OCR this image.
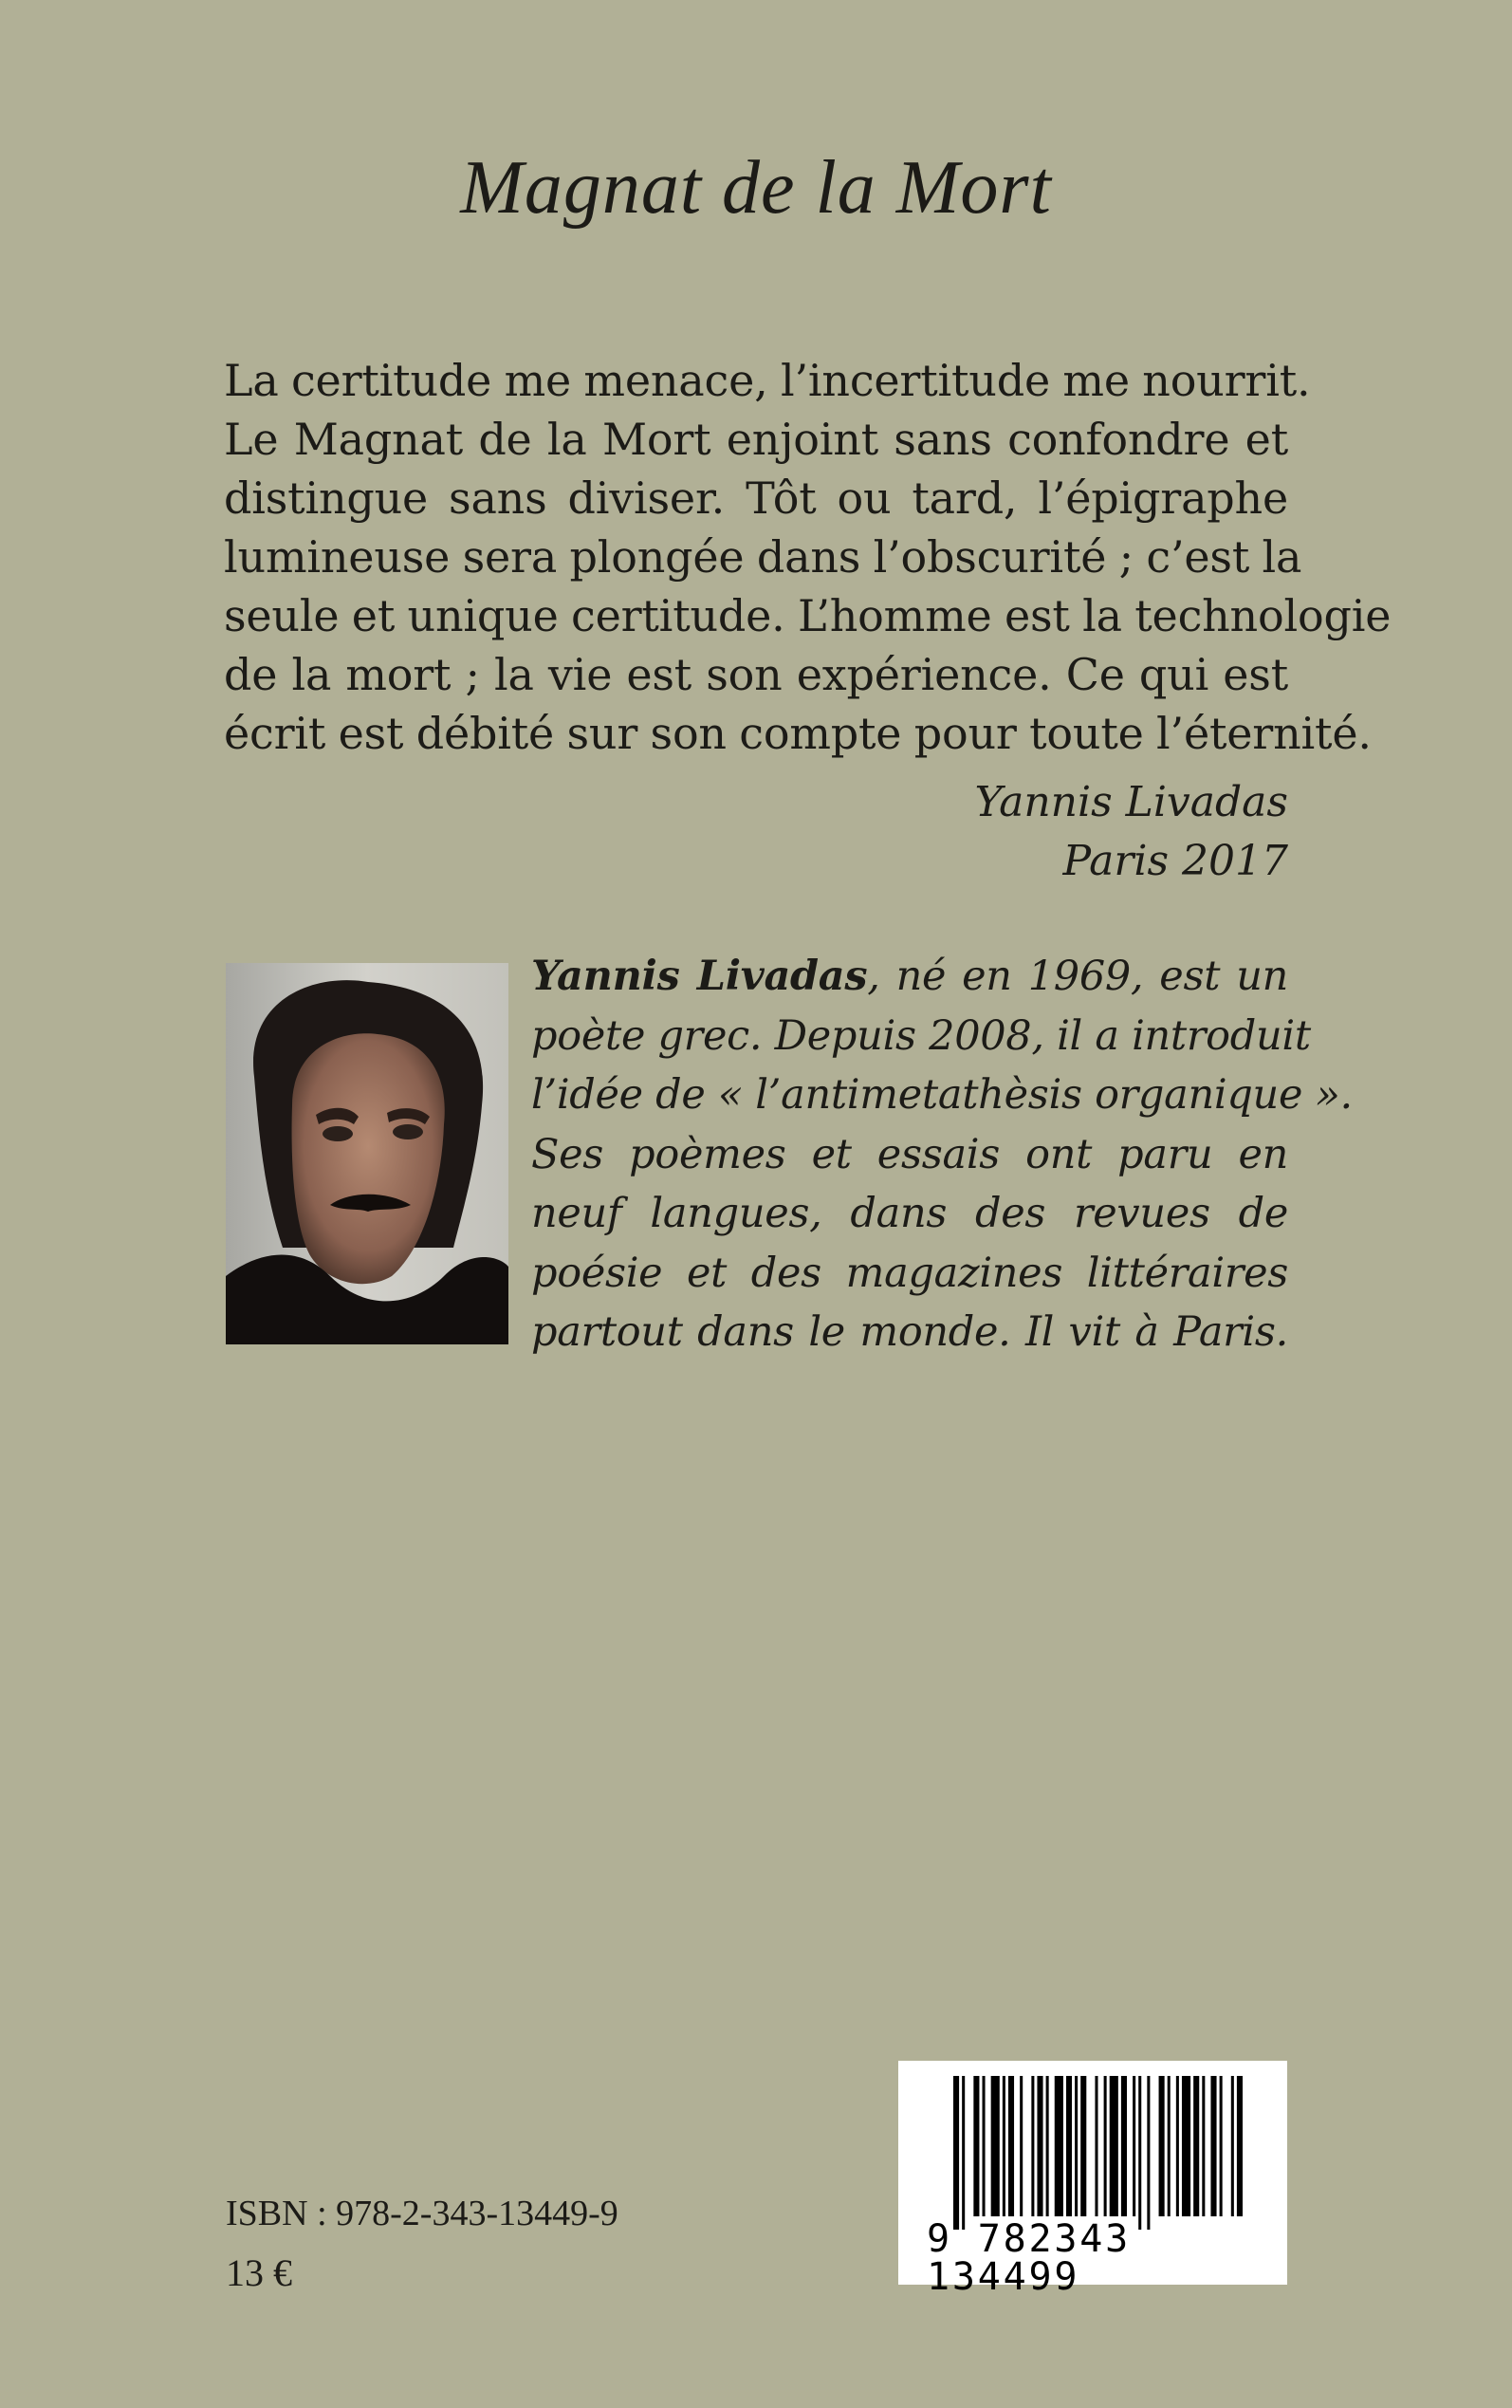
Magnat de la Mort
La certitude me menace, l’incertitude me nourrit.
Le Magnat de la Mort enjoint sans confondre et
distingue sans diviser. Tôt ou tard, l’épigraphe
lumineuse sera plongée dans l’obscurité ; c’est la
seule et unique certitude. L’homme est la technologie
de la mort ; la vie est son expérience. Ce qui est
écrit est débité sur son compte pour toute l’éternité.
Yannis Livadas
Paris 2017
Yannis Livadas, né en 1969, est un
poète grec. Depuis 2008, il a introduit
l’idée de « l’antimetathèsis organique ».
Ses poèmes et essais ont paru en
neuf langues, dans des revues de
poésie et des magazines littéraires
partout dans le monde. Il vit à Paris.
ISBN : 978-2-343-13449-9
13 €
9 782343 134499
